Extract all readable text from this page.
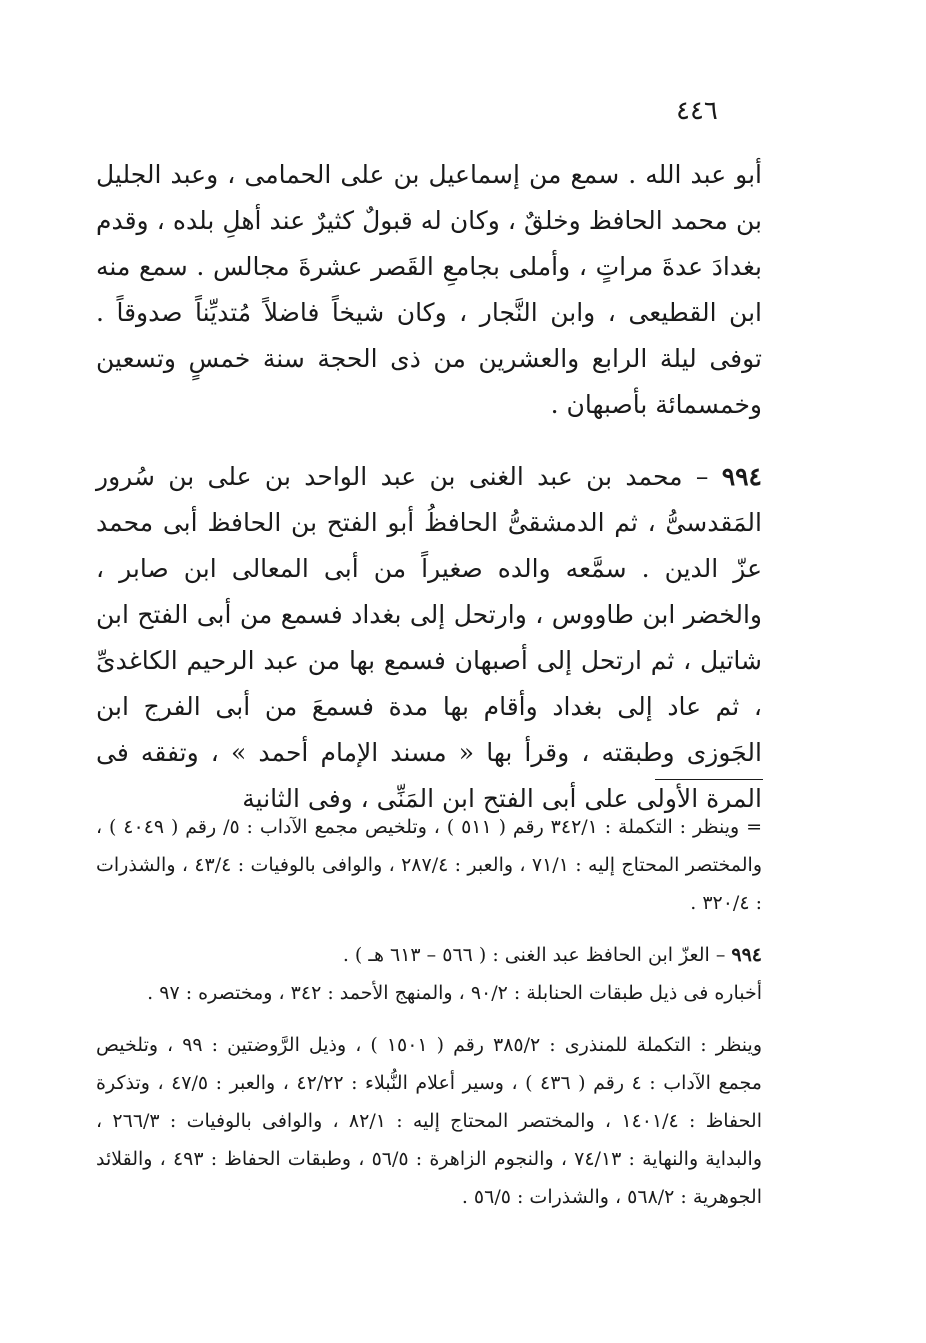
٤٤٦

أبو عبد الله . سمع من إسماعيل بن على الحمامى ، وعبد الجليل بن محمد الحافظ وخلقٌ ، وكان له قبولٌ كثيرٌ عند أهلِ بلده ، وقدم بغدادَ عدةَ مراتٍ ، وأملى بجامعِ القَصر عشرةَ مجالس . سمع منه ابن القطيعى ، وابن النَّجار ، وكان شيخاً فاضلاً مُتديِّناً صدوقاً . توفى ليلة الرابع والعشرين من ذى الحجة سنة خمسٍ وتسعين وخمسمائة بأصبهان .

٩٩٤ – محمد بن عبد الغنى بن عبد الواحد بن على بن سُرور المَقدسىُّ ، ثم الدمشقىُّ الحافظُ أبو الفتح بن الحافظ أبى محمد عزّ الدين . سمَّعه والده صغيراً من أبى المعالى ابن صابر ، والخضر ابن طاووس ، وارتحل إلى بغداد فسمع من أبى الفتح ابن شاتيل ، ثم ارتحل إلى أصبهان فسمع بها من عبد الرحيم الكاغدىِّ ، ثم عاد إلى بغداد وأقام بها مدة فسمعَ من أبى الفرج ابن الجَوزى وطبقته ، وقرأ بها « مسند الإمام أحمد » ، وتفقه فى المرة الأولى على أبى الفتح ابن المَنِّى ، وفى الثانية

= وينظر : التكملة : ٣٤٢/١ رقم ( ٥١١ ) ، وتلخيص مجمع الآداب : ٥/ رقم ( ٤٠٤٩ ) ، والمختصر المحتاج إليه : ٧١/١ ، والعبر : ٢٨٧/٤ ، والوافى بالوفيات : ٤٣/٤ ، والشذرات : ٣٢٠/٤ .

٩٩٤ – العزّ ابن الحافظ عبد الغنى : ( ٥٦٦ – ٦١٣ هـ ) .

أخباره فى ذيل طبقات الحنابلة : ٩٠/٢ ، والمنهج الأحمد : ٣٤٢ ، ومختصره : ٩٧ .

وينظر : التكملة للمنذرى : ٣٨٥/٢ رقم ( ١٥٠١ ) ، وذيل الرَّوضتين : ٩٩ ، وتلخيص مجمع الآداب : ٤ رقم ( ٤٣٦ ) ، وسير أعلام النُّبلاء : ٤٢/٢٢ ، والعبر : ٤٧/٥ ، وتذكرة الحفاظ : ١٤٠١/٤ ، والمختصر المحتاج إليه : ٨٢/١ ، والوافى بالوفيات : ٢٦٦/٣ ، والبداية والنهاية : ٧٤/١٣ ، والنجوم الزاهرة : ٥٦/٥ ، وطبقات الحفاظ : ٤٩٣ ، والقلائد الجوهرية : ٥٦٨/٢ ، والشذرات : ٥٦/٥ .
